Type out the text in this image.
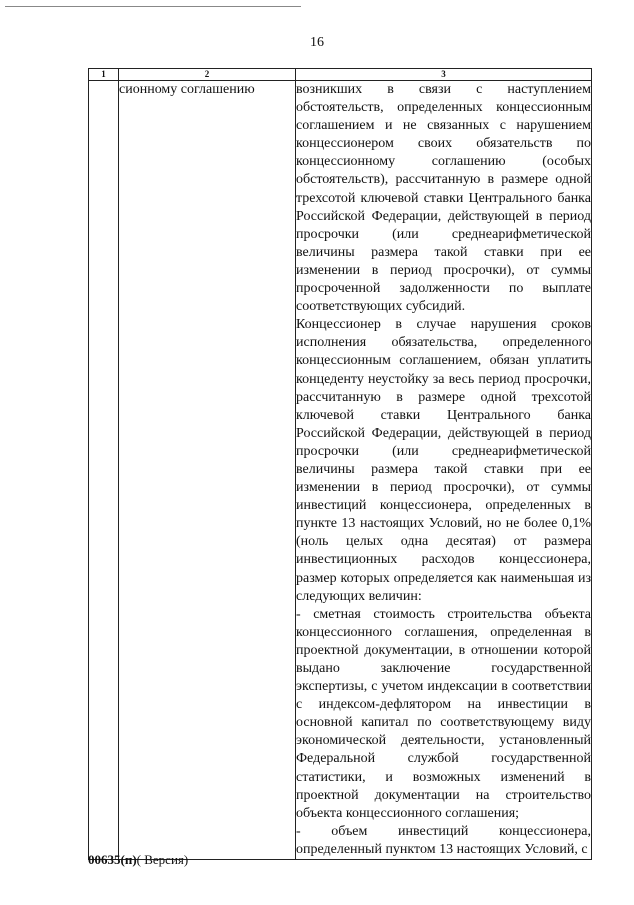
16
1	2	3
	сионному соглашению	возникших в связи с наступлением обстоятельств, определенных концессионным соглашением и не связанных с нарушением концессионером своих обязательств по концессионному соглашению (особых обстоятельств), рассчитанную в размере одной трехсотой ключевой ставки Центрального банка Российской Федерации, действующей в период просрочки (или среднеарифметической величины размера такой ставки при ее изменении в период просрочки), от суммы просроченной задолженности по выплате соответствующих субсидий.

Концессионер в случае нарушения сроков исполнения обязательства, определенного концессионным соглашением, обязан уплатить концеденту неустойку за весь период просрочки, рассчитанную в размере одной трехсотой ключевой ставки Центрального банка Российской Федерации, действующей в период просрочки (или среднеарифметической величины размера такой ставки при ее изменении в период просрочки), от суммы инвестиций концессионера, определенных в пункте 13 настоящих Условий, но не более 0,1% (ноль целых одна десятая) от размера инвестиционных расходов концессионера, размер которых определяется как наименьшая из следующих величин:

- сметная стоимость строительства объекта концессионного соглашения, определенная в проектной документации, в отношении которой выдано заключение государственной экспертизы, с учетом индексации в соответствии с индексом-дефлятором на инвестиции в основной капитал по соответствующему виду экономической деятельности, установленный Федеральной службой государственной статистики, и возможных изменений в проектной документации на строительство объекта концессионного соглашения;

- объем инвестиций концессионера, определенный пунктом 13 настоящих Условий, с

00635(п)( Версия)
